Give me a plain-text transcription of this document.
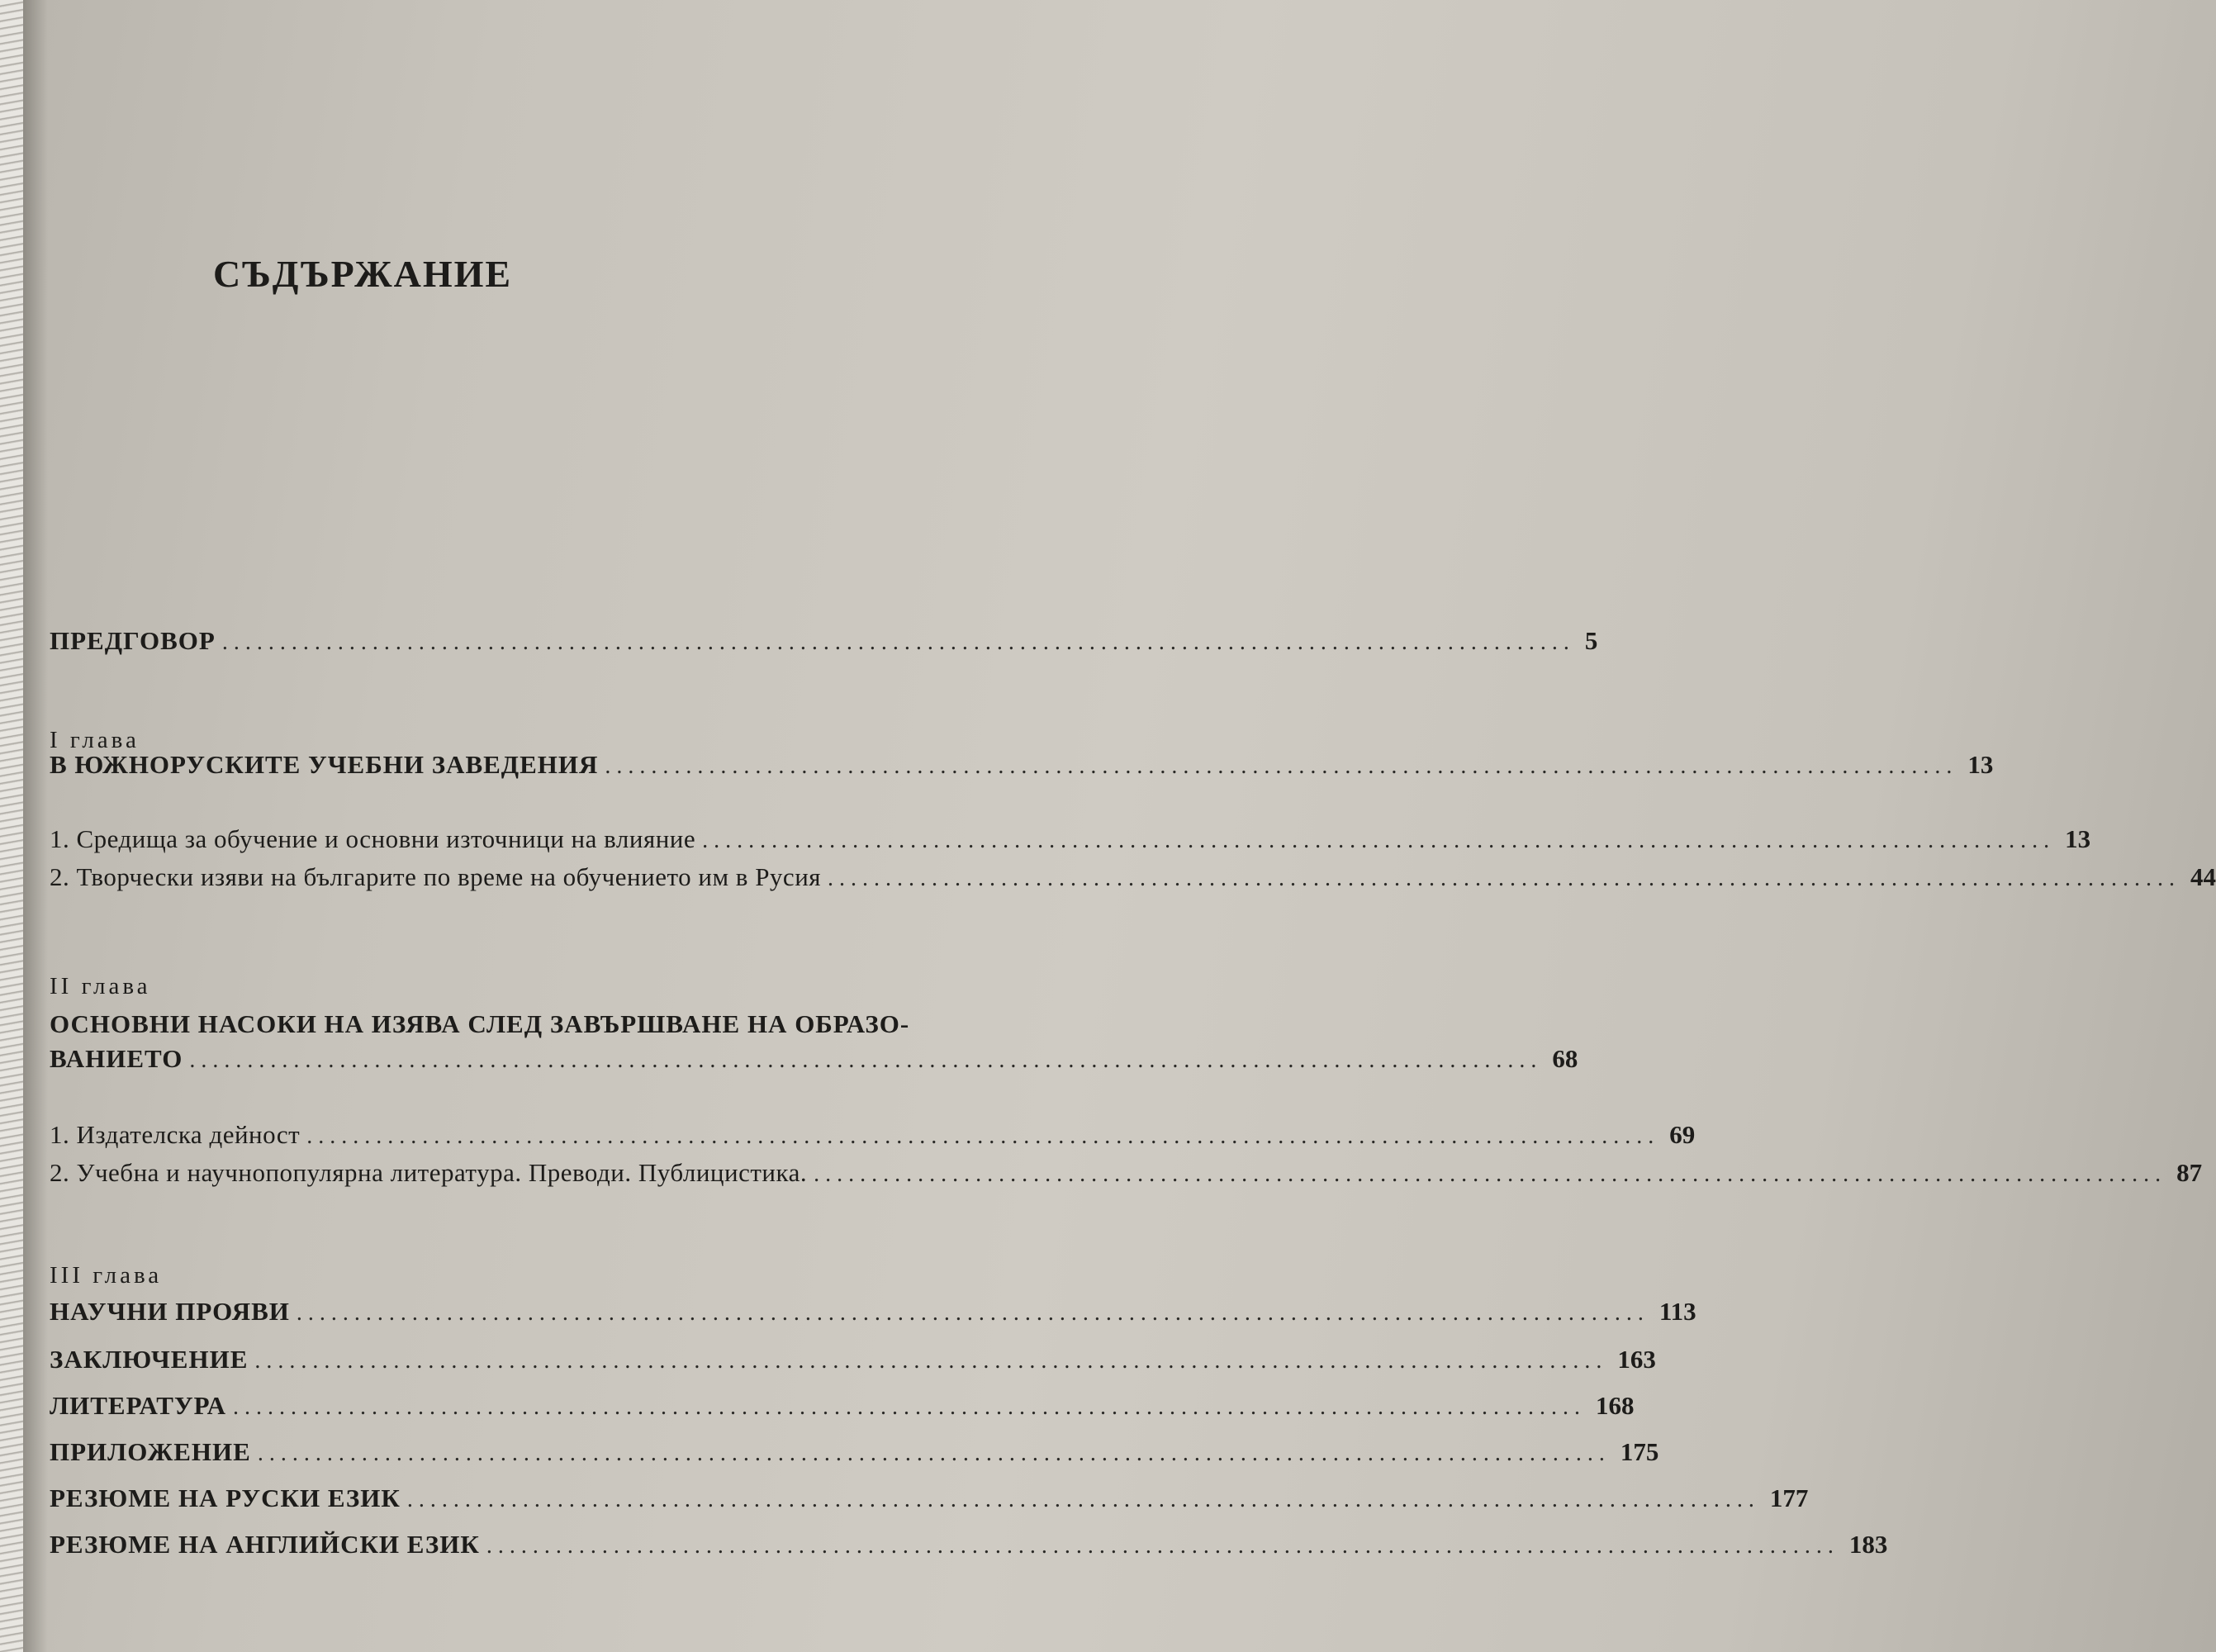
СЪДЪРЖАНИЕ
ПРЕДГОВОР ..................................................................................................................... 5
I глава
В ЮЖНОРУСКИТЕ УЧЕБНИ ЗАВЕДЕНИЯ ..................................................................................................................... 13
1. Средища за обучение и основни източници на влияние ..................................................................................................................... 13
2. Творчески изяви на българите по време на обучението им в Русия ..................................................................................................................... 44
II глава
ОСНОВНИ НАСОКИ НА ИЗЯВА СЛЕД ЗАВЪРШВАНЕ НА ОБРАЗО-
ВАНИЕТО ..................................................................................................................... 68
1. Издателска дейност ..................................................................................................................... 69
2. Учебна и научнопопулярна литература. Преводи. Публицистика. ..................................................................................................................... 87
III глава
НАУЧНИ ПРОЯВИ ..................................................................................................................... 113
ЗАКЛЮЧЕНИЕ ..................................................................................................................... 163
ЛИТЕРАТУРА ..................................................................................................................... 168
ПРИЛОЖЕНИЕ ..................................................................................................................... 175
РЕЗЮМЕ НА РУСКИ ЕЗИК ..................................................................................................................... 177
РЕЗЮМЕ НА АНГЛИЙСКИ ЕЗИК ..................................................................................................................... 183
